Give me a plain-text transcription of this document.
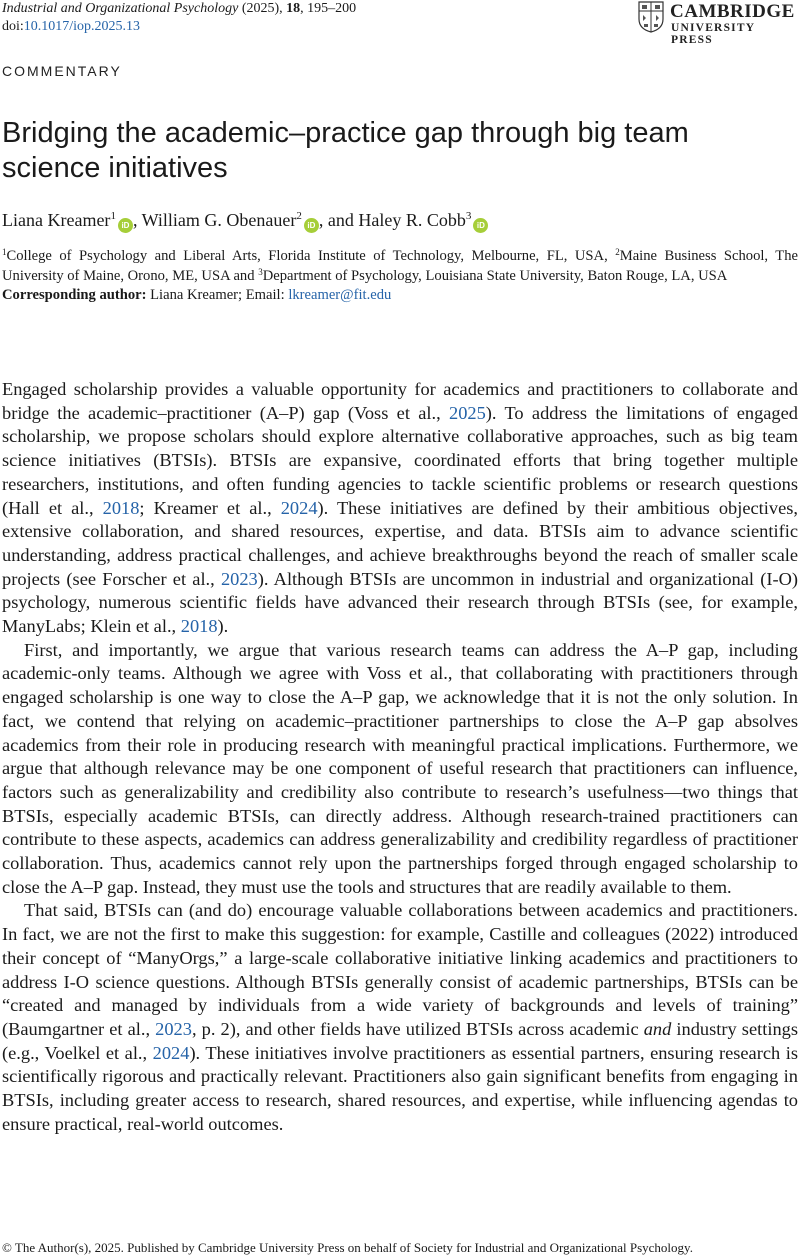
Industrial and Organizational Psychology (2025), 18, 195–200
doi:10.1017/iop.2025.13
CAMBRIDGE
UNIVERSITY PRESS
COMMENTARY
Bridging the academic–practice gap through big team science initiatives
Liana Kreamer$^1$iD , William G. Obenauer$^2$iD , and Haley R. Cobb$^3$iD
$^1$College of Psychology and Liberal Arts, Florida Institute of Technology, Melbourne, FL, USA, $^2$Maine Business School, The University of Maine, Orono, ME, USA and $^3$Department of Psychology, Louisiana State University, Baton Rouge, LA, USA
Corresponding author: Liana Kreamer; Email: lkreamer@fit.edu

Engaged scholarship provides a valuable opportunity for academics and practitioners to collaborate and bridge the academic–practitioner (A–P) gap (Voss et al., 2025). To address the limitations of engaged scholarship, we propose scholars should explore alternative collaborative approaches, such as big team science initiatives (BTSIs). BTSIs are expansive, coordinated efforts that bring together multiple researchers, institutions, and often funding agencies to tackle scientific problems or research questions (Hall et al., 2018; Kreamer et al., 2024). These initiatives are defined by their ambitious objectives, extensive collaboration, and shared resources, expertise, and data. BTSIs aim to advance scientific understanding, address practical challenges, and achieve breakthroughs beyond the reach of smaller scale projects (see Forscher et al., 2023). Although BTSIs are uncommon in industrial and organizational (I-O) psychology, numerous scientific fields have advanced their research through BTSIs (see, for example, ManyLabs; Klein et al., 2018).

First, and importantly, we argue that various research teams can address the A–P gap, including academic-only teams. Although we agree with Voss et al., that collaborating with practitioners through engaged scholarship is one way to close the A–P gap, we acknowledge that it is not the only solution. In fact, we contend that relying on academic–practitioner partnerships to close the A–P gap absolves academics from their role in producing research with meaningful practical implications. Furthermore, we argue that although relevance may be one component of useful research that practitioners can influence, factors such as generalizability and credibility also contribute to research’s usefulness—two things that BTSIs, especially academic BTSIs, can directly address. Although research-trained practitioners can contribute to these aspects, academics can address generalizability and credibility regardless of practitioner collaboration. Thus, academics cannot rely upon the partnerships forged through engaged scholarship to close the A–P gap. Instead, they must use the tools and structures that are readily available to them.

That said, BTSIs can (and do) encourage valuable collaborations between academics and practitioners. In fact, we are not the first to make this suggestion: for example, Castille and colleagues (2022) introduced their concept of “ManyOrgs,” a large-scale collaborative initiative linking academics and practitioners to address I-O science questions. Although BTSIs generally consist of academic partnerships, BTSIs can be “created and managed by individuals from a wide variety of backgrounds and levels of training” (Baumgartner et al., 2023, p. 2), and other fields have utilized BTSIs across academic and industry settings (e.g., Voelkel et al., 2024). These initiatives involve practitioners as essential partners, ensuring research is scientifically rigorous and practically relevant. Practitioners also gain significant benefits from engaging in BTSIs, including greater access to research, shared resources, and expertise, while influencing agendas to ensure practical, real-world outcomes.

© The Author(s), 2025. Published by Cambridge University Press on behalf of Society for Industrial and Organizational Psychology.
